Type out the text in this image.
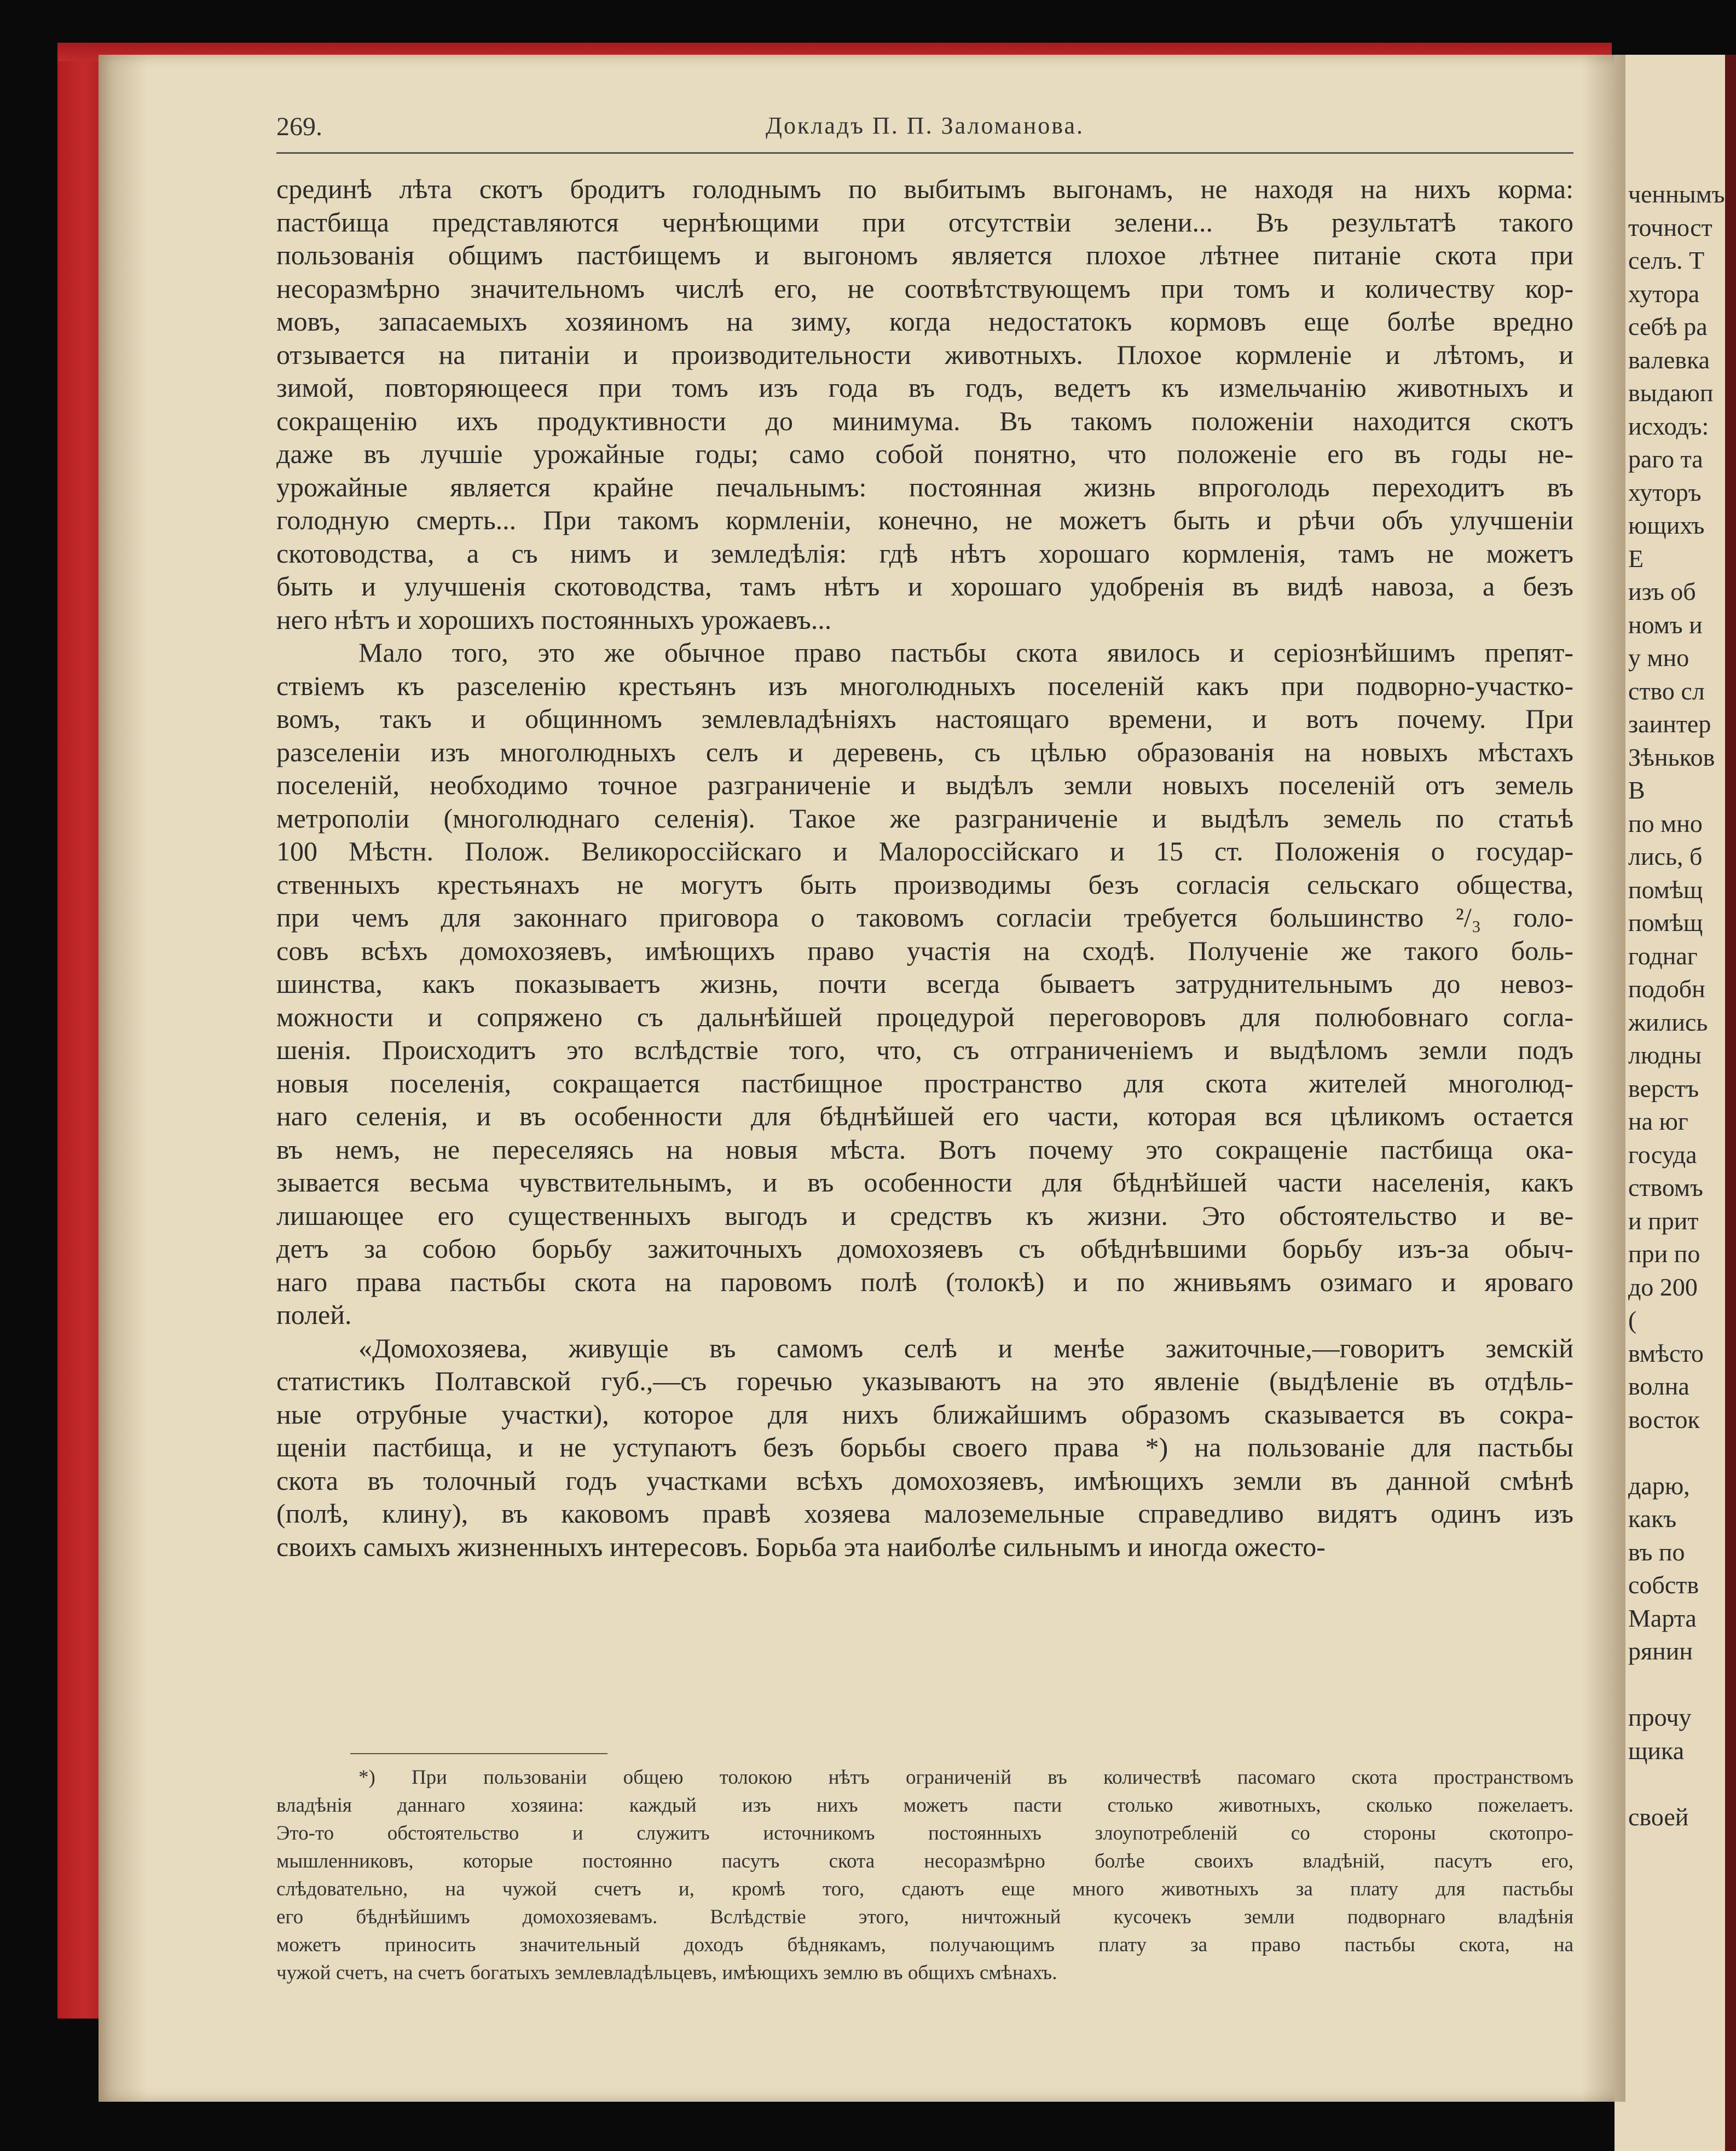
269.	Докладъ П. П. Заломанова.
срединѣ лѣта скотъ бродитъ голоднымъ по выбитымъ выгонамъ, не находя на нихъ корма:
пастбища представляются чернѣющими при отсутствіи зелени... Въ результатѣ такого
пользованія общимъ пастбищемъ и выгономъ является плохое лѣтнее питаніе скота при
несоразмѣрно значительномъ числѣ его, не соотвѣтствующемъ при томъ и количеству кор-
мовъ, запасаемыхъ хозяиномъ на зиму, когда недостатокъ кормовъ еще болѣе вредно
отзывается на питаніи и производительности животныхъ. Плохое кормленіе и лѣтомъ, и
зимой, повторяющееся при томъ изъ года въ годъ, ведетъ къ измельчанію животныхъ и
сокращенію ихъ продуктивности до минимума. Въ такомъ положеніи находится скотъ
даже въ лучшіе урожайные годы; само собой понятно, что положеніе его въ годы не-
урожайные является крайне печальнымъ: постоянная жизнь впроголодь переходитъ въ
голодную смерть... При такомъ кормленіи, конечно, не можетъ быть и рѣчи объ улучшеніи
скотоводства, а съ нимъ и земледѣлія: гдѣ нѣтъ хорошаго кормленія, тамъ не можетъ
быть и улучшенія скотоводства, тамъ нѣтъ и хорошаго удобренія въ видѣ навоза, а безъ
него нѣтъ и хорошихъ постоянныхъ урожаевъ...
Мало того, это же обычное право пастьбы скота явилось и серіознѣйшимъ препят-
ствіемъ къ разселенію крестьянъ изъ многолюдныхъ поселеній какъ при подворно-участко-
вомъ, такъ и общинномъ землевладѣніяхъ настоящаго времени, и вотъ почему. При
разселеніи изъ многолюдныхъ селъ и деревень, съ цѣлью образованія на новыхъ мѣстахъ
поселеній, необходимо точное разграниченіе и выдѣлъ земли новыхъ поселеній отъ земель
метрополіи (многолюднаго селенія). Такое же разграниченіе и выдѣлъ земель по статьѣ
100 Мѣстн. Полож. Великороссійскаго и Малороссійскаго и 15 ст. Положенія о государ-
ственныхъ крестьянахъ не могутъ быть производимы безъ согласія сельскаго общества,
при чемъ для законнаго приговора о таковомъ согласіи требуется большинство ²/₃ голо-
совъ всѣхъ домохозяевъ, имѣющихъ право участія на сходѣ. Полученіе же такого боль-
шинства, какъ показываетъ жизнь, почти всегда бываетъ затруднительнымъ до невоз-
можности и сопряжено съ дальнѣйшей процедурой переговоровъ для полюбовнаго согла-
шенія. Происходитъ это вслѣдствіе того, что, съ отграниченіемъ и выдѣломъ земли подъ
новыя поселенія, сокращается пастбищное пространство для скота жителей многолюд-
наго селенія, и въ особенности для бѣднѣйшей его части, которая вся цѣликомъ остается
въ немъ, не переселяясь на новыя мѣста. Вотъ почему это сокращеніе пастбища ока-
зывается весьма чувствительнымъ, и въ особенности для бѣднѣйшей части населенія, какъ
лишающее его существенныхъ выгодъ и средствъ къ жизни. Это обстоятельство и ве-
детъ за собою борьбу зажиточныхъ домохозяевъ съ обѣднѣвшими борьбу изъ-за обыч-
наго права пастьбы скота на паровомъ полѣ (толокѣ) и по жнивьямъ озимаго и яроваго
полей.
«Домохозяева, живущіе въ самомъ селѣ и менѣе зажиточные,—говоритъ земскій
статистикъ Полтавской губ.,—съ горечью указываютъ на это явленіе (выдѣленіе въ отдѣль-
ные отрубные участки), которое для нихъ ближайшимъ образомъ сказывается въ сокра-
щеніи пастбища, и не уступаютъ безъ борьбы своего права *) на пользованіе для пастьбы
скота въ толочный годъ участками всѣхъ домохозяевъ, имѣющихъ земли въ данной смѣнѣ
(полѣ, клину), въ каковомъ правѣ хозяева малоземельные справедливо видятъ одинъ изъ
своихъ самыхъ жизненныхъ интересовъ. Борьба эта наиболѣе сильнымъ и иногда ожесто-
*) При пользованіи общею толокою нѣтъ ограниченій въ количествѣ пасомаго скота пространствомъ
владѣнія даннаго хозяина: каждый изъ нихъ можетъ пасти столько животныхъ, сколько пожелаетъ.
Это-то обстоятельство и служитъ источникомъ постоянныхъ злоупотребленій со стороны скотопро-
мышленниковъ, которые постоянно пасутъ скота несоразмѣрно болѣе своихъ владѣній, пасутъ его,
слѣдовательно, на чужой счетъ и, кромѣ того, сдаютъ еще много животныхъ за плату для пастьбы
его бѣднѣйшимъ домохозяевамъ. Вслѣдствіе этого, ничтожный кусочекъ земли подворнаго владѣнія
можетъ приносить значительный доходъ бѣднякамъ, получающимъ плату за право пастьбы скота, на
чужой счетъ, на счетъ богатыхъ землевладѣльцевъ, имѣющихъ землю въ общихъ смѣнахъ.
ченнымъ
точност
селъ. Т
хутора
себѣ ра
валевка
выдаюп
исходъ:
раго та
хуторъ
ющихъ
Е
изъ об
номъ и
у мно
ство сл
заинтер
Зѣньков
В
по мно
лись, б
помѣщ
помѣщ
годнаг
подобн
жились
людны
верстъ
на юг
госуда
ствомъ
и прит
при по
до 200
(
вмѣсто
волна
восток
дарю,
какъ
въ по
собств
Марта
рянин
прочу
щика
своей
